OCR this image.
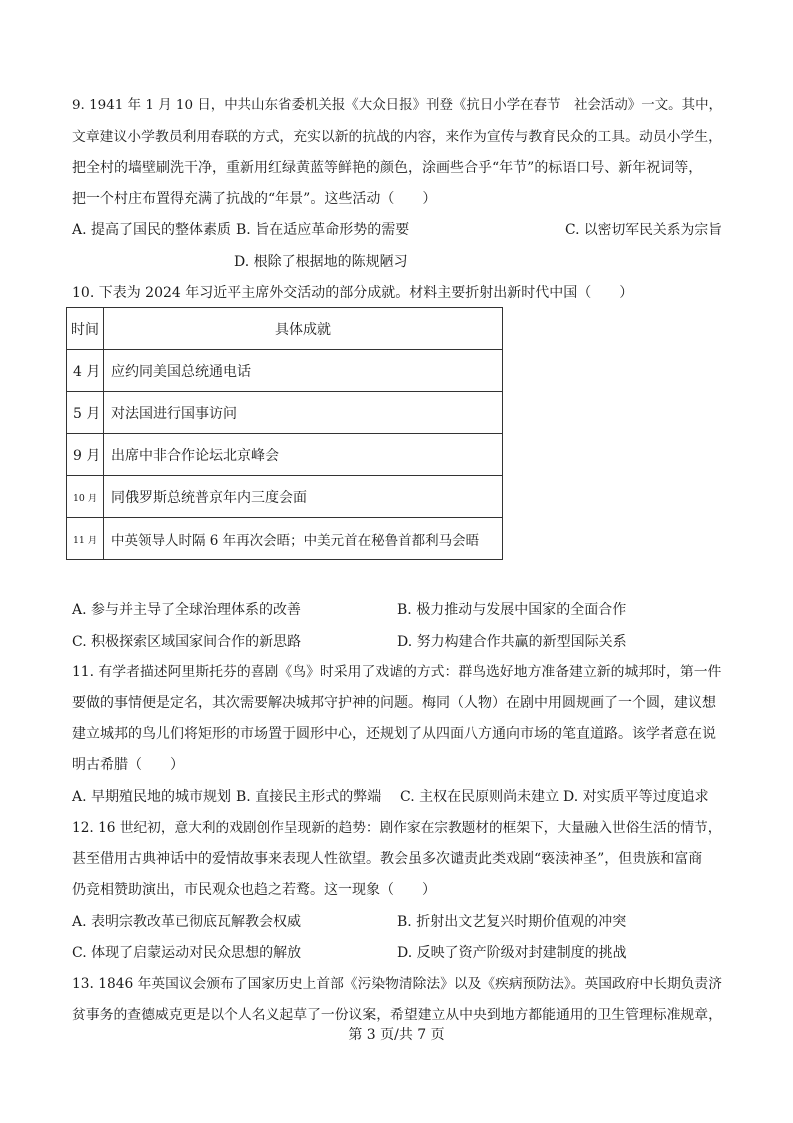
9. 1941 年 1 月 10 日，中共山东省委机关报《大众日报》刊登《抗日小学在春节　社会活动》一文。其中，
文章建议小学教员利用春联的方式，充实以新的抗战的内容，来作为宣传与教育民众的工具。动员小学生，
把全村的墙壁刷洗干净，重新用红绿黄蓝等鲜艳的颜色，涂画些合乎“年节”的标语口号、新年祝词等，
把一个村庄布置得充满了抗战的“年景”。这些活动（　　）
A. 提高了国民的整体素质 B. 旨在适应革命形势的需要	C. 以密切军民关系为宗旨
D. 根除了根据地的陈规陋习
10. 下表为 2024 年习近平主席外交活动的部分成就。材料主要折射出新时代中国（　　）
时间	具体成就
4 月	应约同美国总统通电话
5 月	对法国进行国事访问
9 月	出席中非合作论坛北京峰会
10 月	同俄罗斯总统普京年内三度会面
11 月	中英领导人时隔 6 年再次会晤；中美元首在秘鲁首都利马会晤
A. 参与并主导了全球治理体系的改善	B. 极力推动与发展中国家的全面合作
C. 积极探索区域国家间合作的新思路	D. 努力构建合作共赢的新型国际关系
11. 有学者描述阿里斯托芬的喜剧《鸟》时采用了戏谑的方式：群鸟选好地方准备建立新的城邦时，第一件
要做的事情便是定名，其次需要解决城邦守护神的问题。梅同（人物）在剧中用圆规画了一个圆，建议想
建立城邦的鸟儿们将矩形的市场置于圆形中心，还规划了从四面八方通向市场的笔直道路。该学者意在说
明古希腊（　　）
A. 早期殖民地的城市规划 B. 直接民主形式的弊端 C. 主权在民原则尚未建立 D. 对实质平等过度追求
12. 16 世纪初，意大利的戏剧创作呈现新的趋势：剧作家在宗教题材的框架下，大量融入世俗生活的情节，
甚至借用古典神话中的爱情故事来表现人性欲望。教会虽多次谴责此类戏剧“亵渎神圣”，但贵族和富商
仍竞相赞助演出，市民观众也趋之若鹜。这一现象（　　）
A. 表明宗教改革已彻底瓦解教会权威	B. 折射出文艺复兴时期价值观的冲突
C. 体现了启蒙运动对民众思想的解放	D. 反映了资产阶级对封建制度的挑战
13. 1846 年英国议会颁布了国家历史上首部《污染物清除法》以及《疾病预防法》。英国政府中长期负责济
贫事务的查德威克更是以个人名义起草了一份议案，希望建立从中央到地方都能通用的卫生管理标准规章，
第 3 页/共 7 页
